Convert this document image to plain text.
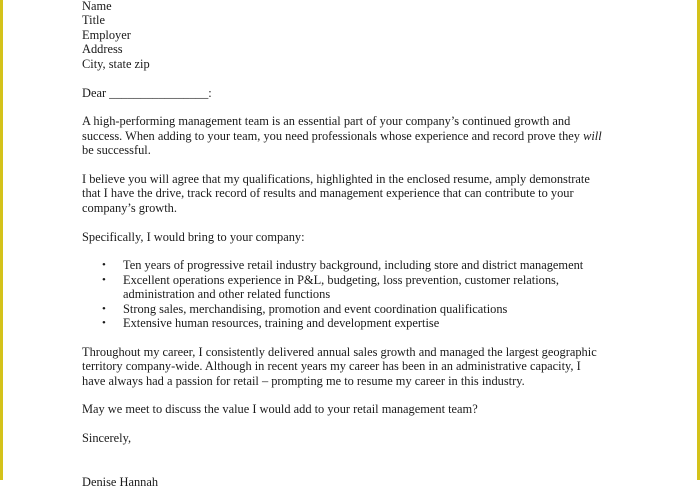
Name
Title
Employer
Address
City, state zip
Dear ________________:
A high-performing management team is an essential part of your company’s continued growth and
success. When adding to your team, you need professionals whose experience and record prove they will
be successful.
I believe you will agree that my qualifications, highlighted in the enclosed resume, amply demonstrate
that I have the drive, track record of results and management experience that can contribute to your
company’s growth.
Specifically, I would bring to your company:
• Ten years of progressive retail industry background, including store and district management
• Excellent operations experience in P&L, budgeting, loss prevention, customer relations,
administration and other related functions
• Strong sales, merchandising, promotion and event coordination qualifications
• Extensive human resources, training and development expertise
Throughout my career, I consistently delivered annual sales growth and managed the largest geographic
territory company-wide. Although in recent years my career has been in an administrative capacity, I
have always had a passion for retail – prompting me to resume my career in this industry.
May we meet to discuss the value I would add to your retail management team?
Sincerely,
Denise Hannah
